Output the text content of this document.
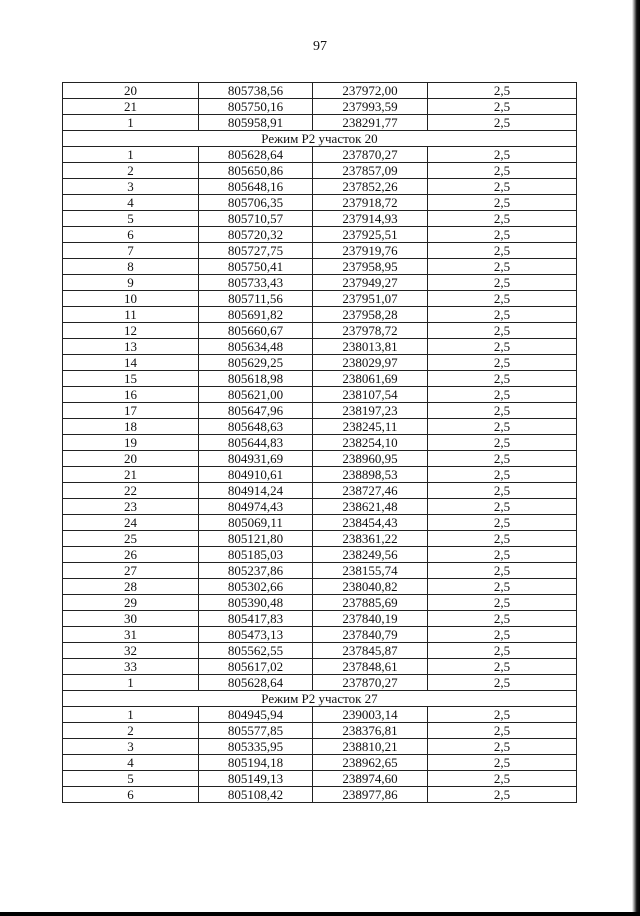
97
20	805738,56	237972,00	2,5
21	805750,16	237993,59	2,5
1	805958,91	238291,77	2,5
Режим Р2 участок 20			
1	805628,64	237870,27	2,5
2	805650,86	237857,09	2,5
3	805648,16	237852,26	2,5
4	805706,35	237918,72	2,5
5	805710,57	237914,93	2,5
6	805720,32	237925,51	2,5
7	805727,75	237919,76	2,5
8	805750,41	237958,95	2,5
9	805733,43	237949,27	2,5
10	805711,56	237951,07	2,5
11	805691,82	237958,28	2,5
12	805660,67	237978,72	2,5
13	805634,48	238013,81	2,5
14	805629,25	238029,97	2,5
15	805618,98	238061,69	2,5
16	805621,00	238107,54	2,5
17	805647,96	238197,23	2,5
18	805648,63	238245,11	2,5
19	805644,83	238254,10	2,5
20	804931,69	238960,95	2,5
21	804910,61	238898,53	2,5
22	804914,24	238727,46	2,5
23	804974,43	238621,48	2,5
24	805069,11	238454,43	2,5
25	805121,80	238361,22	2,5
26	805185,03	238249,56	2,5
27	805237,86	238155,74	2,5
28	805302,66	238040,82	2,5
29	805390,48	237885,69	2,5
30	805417,83	237840,19	2,5
31	805473,13	237840,79	2,5
32	805562,55	237845,87	2,5
33	805617,02	237848,61	2,5
1	805628,64	237870,27	2,5
Режим Р2 участок 27			
1	804945,94	239003,14	2,5
2	805577,85	238376,81	2,5
3	805335,95	238810,21	2,5
4	805194,18	238962,65	2,5
5	805149,13	238974,60	2,5
6	805108,42	238977,86	2,5
